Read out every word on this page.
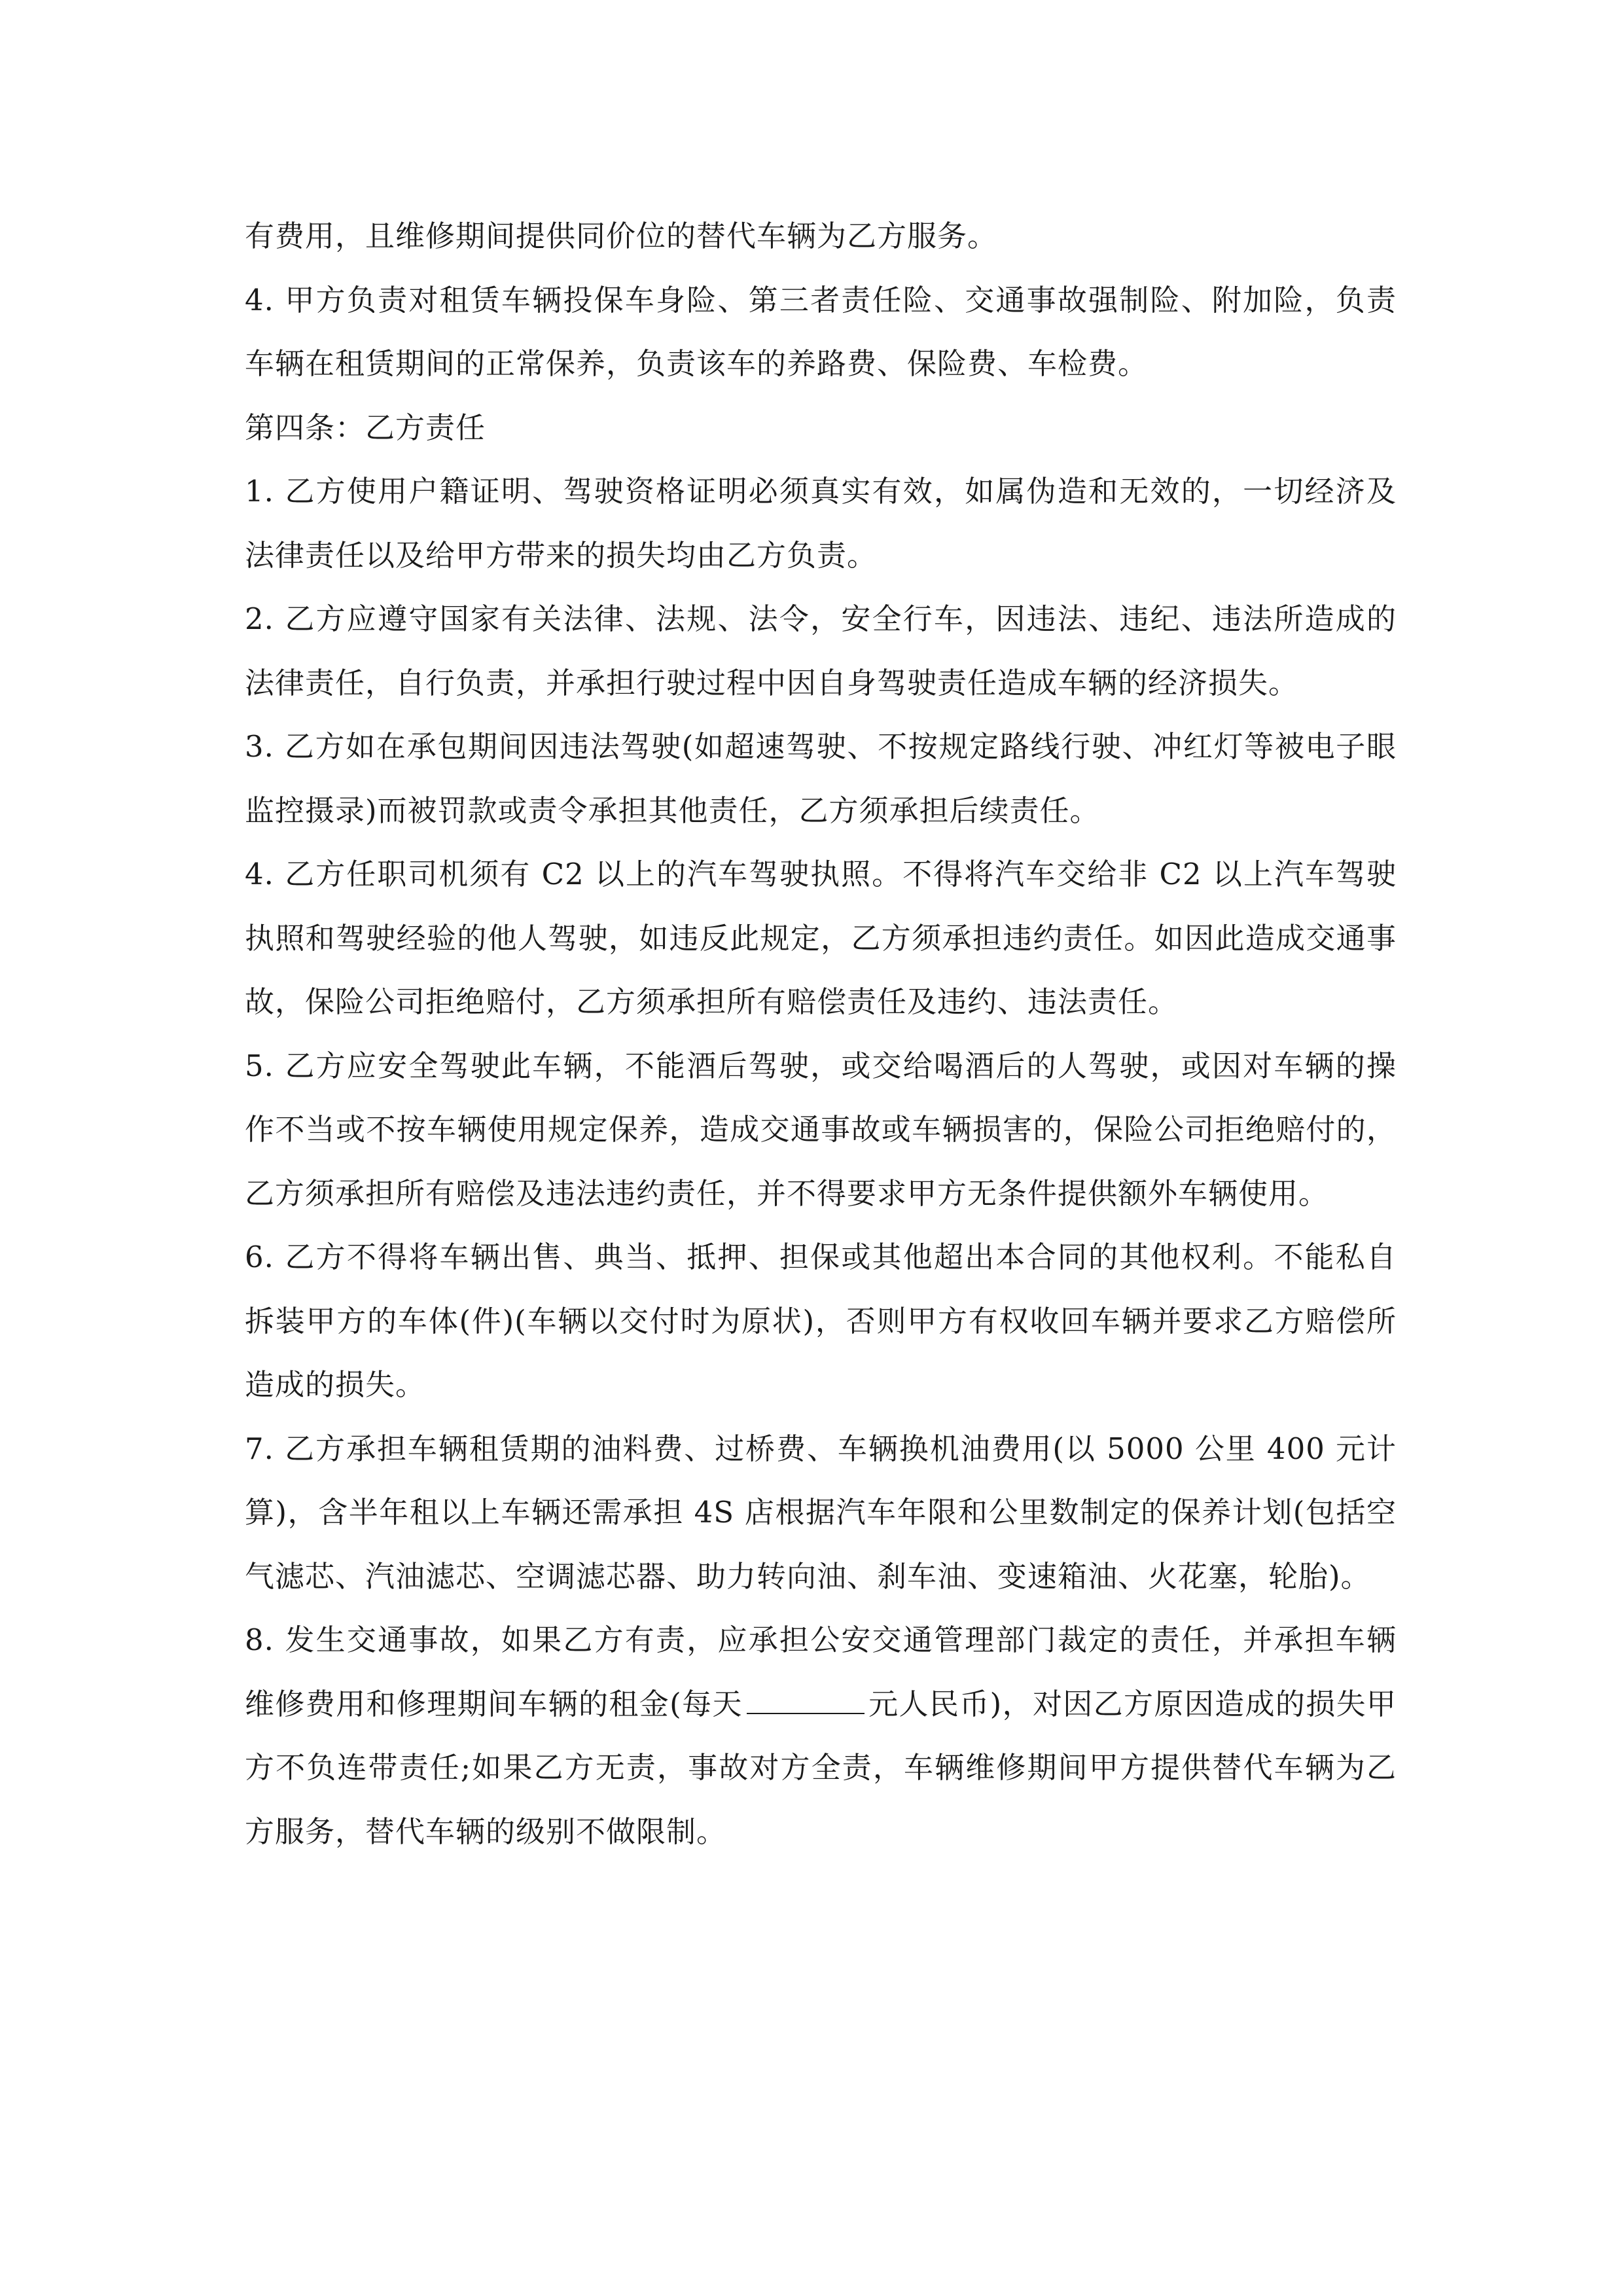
有费用，且维修期间提供同价位的替代车辆为乙方服务。

4. 甲方负责对租赁车辆投保车身险、第三者责任险、交通事故强制险、附加险，负责车辆在租赁期间的正常保养，负责该车的养路费、保险费、车检费。

第四条：乙方责任

1. 乙方使用户籍证明、驾驶资格证明必须真实有效，如属伪造和无效的，一切经济及法律责任以及给甲方带来的损失均由乙方负责。

2. 乙方应遵守国家有关法律、法规、法令，安全行车，因违法、违纪、违法所造成的法律责任，自行负责，并承担行驶过程中因自身驾驶责任造成车辆的经济损失。

3. 乙方如在承包期间因违法驾驶(如超速驾驶、不按规定路线行驶、冲红灯等被电子眼监控摄录)而被罚款或责令承担其他责任，乙方须承担后续责任。

4. 乙方任职司机须有 C2 以上的汽车驾驶执照。不得将汽车交给非 C2 以上汽车驾驶执照和驾驶经验的他人驾驶，如违反此规定，乙方须承担违约责任。如因此造成交通事故，保险公司拒绝赔付，乙方须承担所有赔偿责任及违约、违法责任。

5. 乙方应安全驾驶此车辆，不能酒后驾驶，或交给喝酒后的人驾驶，或因对车辆的操作不当或不按车辆使用规定保养，造成交通事故或车辆损害的，保险公司拒绝赔付的，乙方须承担所有赔偿及违法违约责任，并不得要求甲方无条件提供额外车辆使用。

6. 乙方不得将车辆出售、典当、抵押、担保或其他超出本合同的其他权利。不能私自拆装甲方的车体(件)(车辆以交付时为原状)，否则甲方有权收回车辆并要求乙方赔偿所造成的损失。

7. 乙方承担车辆租赁期的油料费、过桥费、车辆换机油费用(以 5000 公里 400 元计算)，含半年租以上车辆还需承担 4S 店根据汽车年限和公里数制定的保养计划(包括空气滤芯、汽油滤芯、空调滤芯器、助力转向油、刹车油、变速箱油、火花塞，轮胎)。

8. 发生交通事故，如果乙方有责，应承担公安交通管理部门裁定的责任，并承担车辆维修费用和修理期间车辆的租金(每天	元人民币)，对因乙方原因造成的损失甲方不负连带责任;如果乙方无责，事故对方全责，车辆维修期间甲方提供替代车辆为乙方服务，替代车辆的级别不做限制。
